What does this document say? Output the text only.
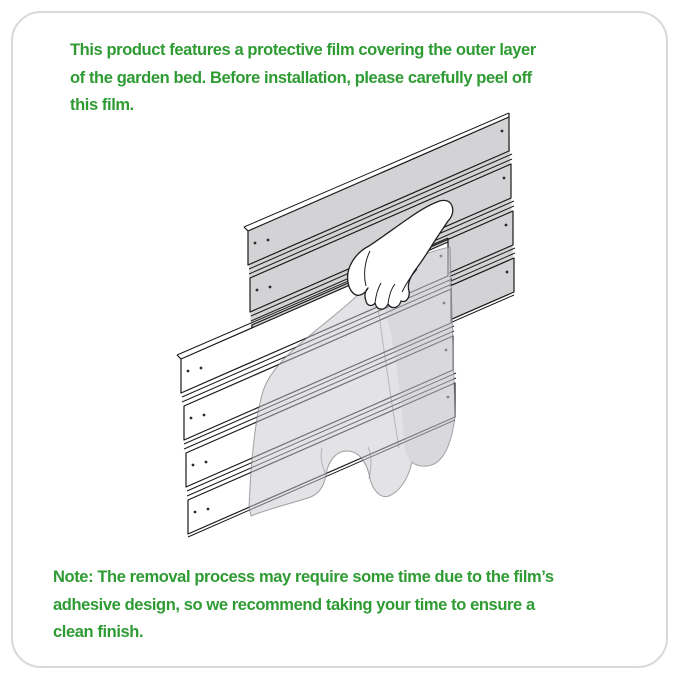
This product features a protective film covering the outer layer
of the garden bed. Before installation, please carefully peel off
this film.
Note: The removal process may require some time due to the film’s
adhesive design, so we recommend taking your time to ensure a
clean finish.
